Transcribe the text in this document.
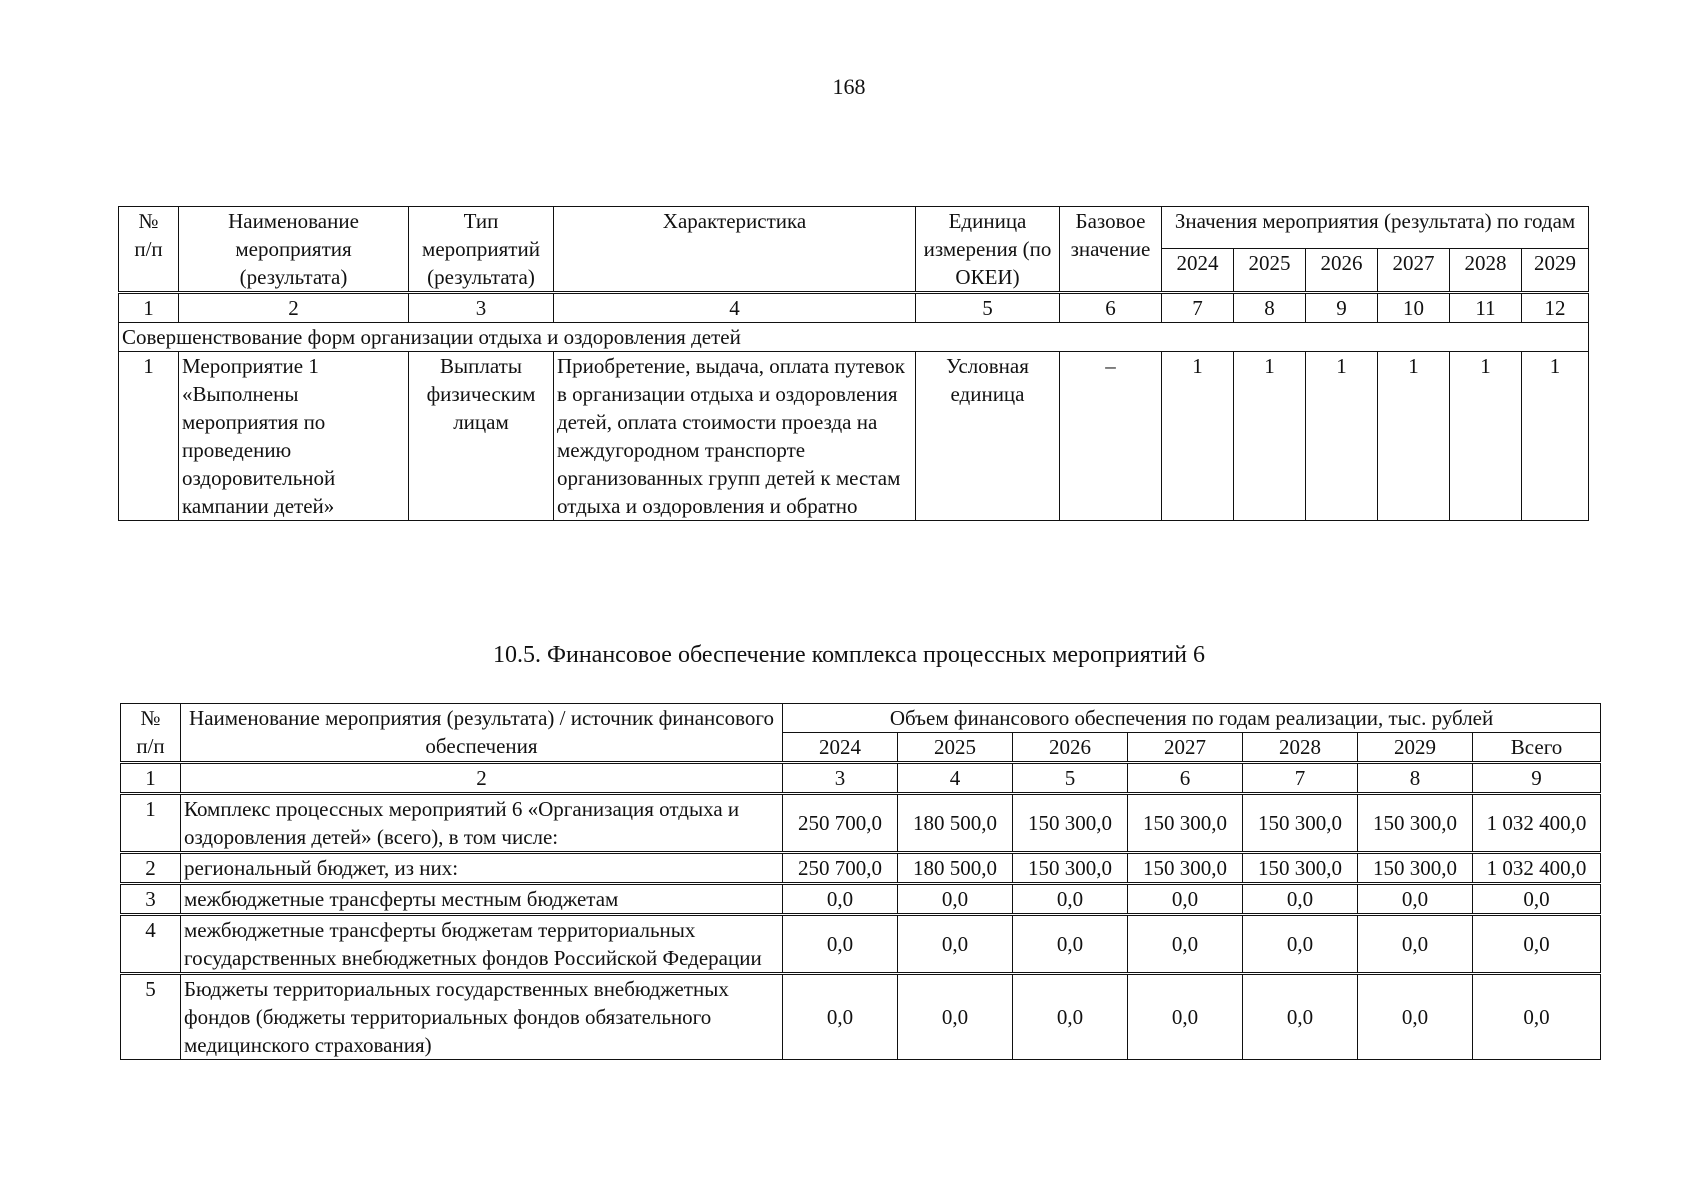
168
№
п/п	Наименование мероприятия (результата)	Тип мероприятий (результата)	Характеристика	Единица измерения (по ОКЕИ)	Базовое значение	Значения мероприятия (результата) по годам					
						2024	2025	2026	2027	2028	2029
1	2	3	4	5	6	7	8	9	10	11	12
Совершенствование форм организации отдыха и оздоровления детей											
1	Мероприятие 1 «Выполнены мероприятия по проведению оздоровительной кампании детей»	Выплаты физическим лицам	Приобретение, выдача, оплата путевок в организации отдыха и оздоровления детей, оплата стоимости проезда на междугородном транспорте организованных групп детей к местам отдыха и оздоровления и обратно	Условная единица	–	1	1	1	1	1	1
10.5. Финансовое обеспечение комплекса процессных мероприятий 6
№
п/п	Наименование мероприятия (результата) / источник финансового обеспечения	Объем финансового обеспечения по годам реализации, тыс. рублей						
		2024	2025	2026	2027	2028	2029	Всего
1	2	3	4	5	6	7	8	9
1	Комплекс процессных мероприятий 6 «Организация отдыха и оздоровления детей» (всего), в том числе:	250 700,0	180 500,0	150 300,0	150 300,0	150 300,0	150 300,0	1 032 400,0
2	региональный бюджет, из них:	250 700,0	180 500,0	150 300,0	150 300,0	150 300,0	150 300,0	1 032 400,0
3	межбюджетные трансферты местным бюджетам	0,0	0,0	0,0	0,0	0,0	0,0	0,0
4	межбюджетные трансферты бюджетам территориальных государственных внебюджетных фондов Российской Федерации	0,0	0,0	0,0	0,0	0,0	0,0	0,0
5	Бюджеты территориальных государственных внебюджетных фондов (бюджеты территориальных фондов обязательного медицинского страхования)	0,0	0,0	0,0	0,0	0,0	0,0	0,0
